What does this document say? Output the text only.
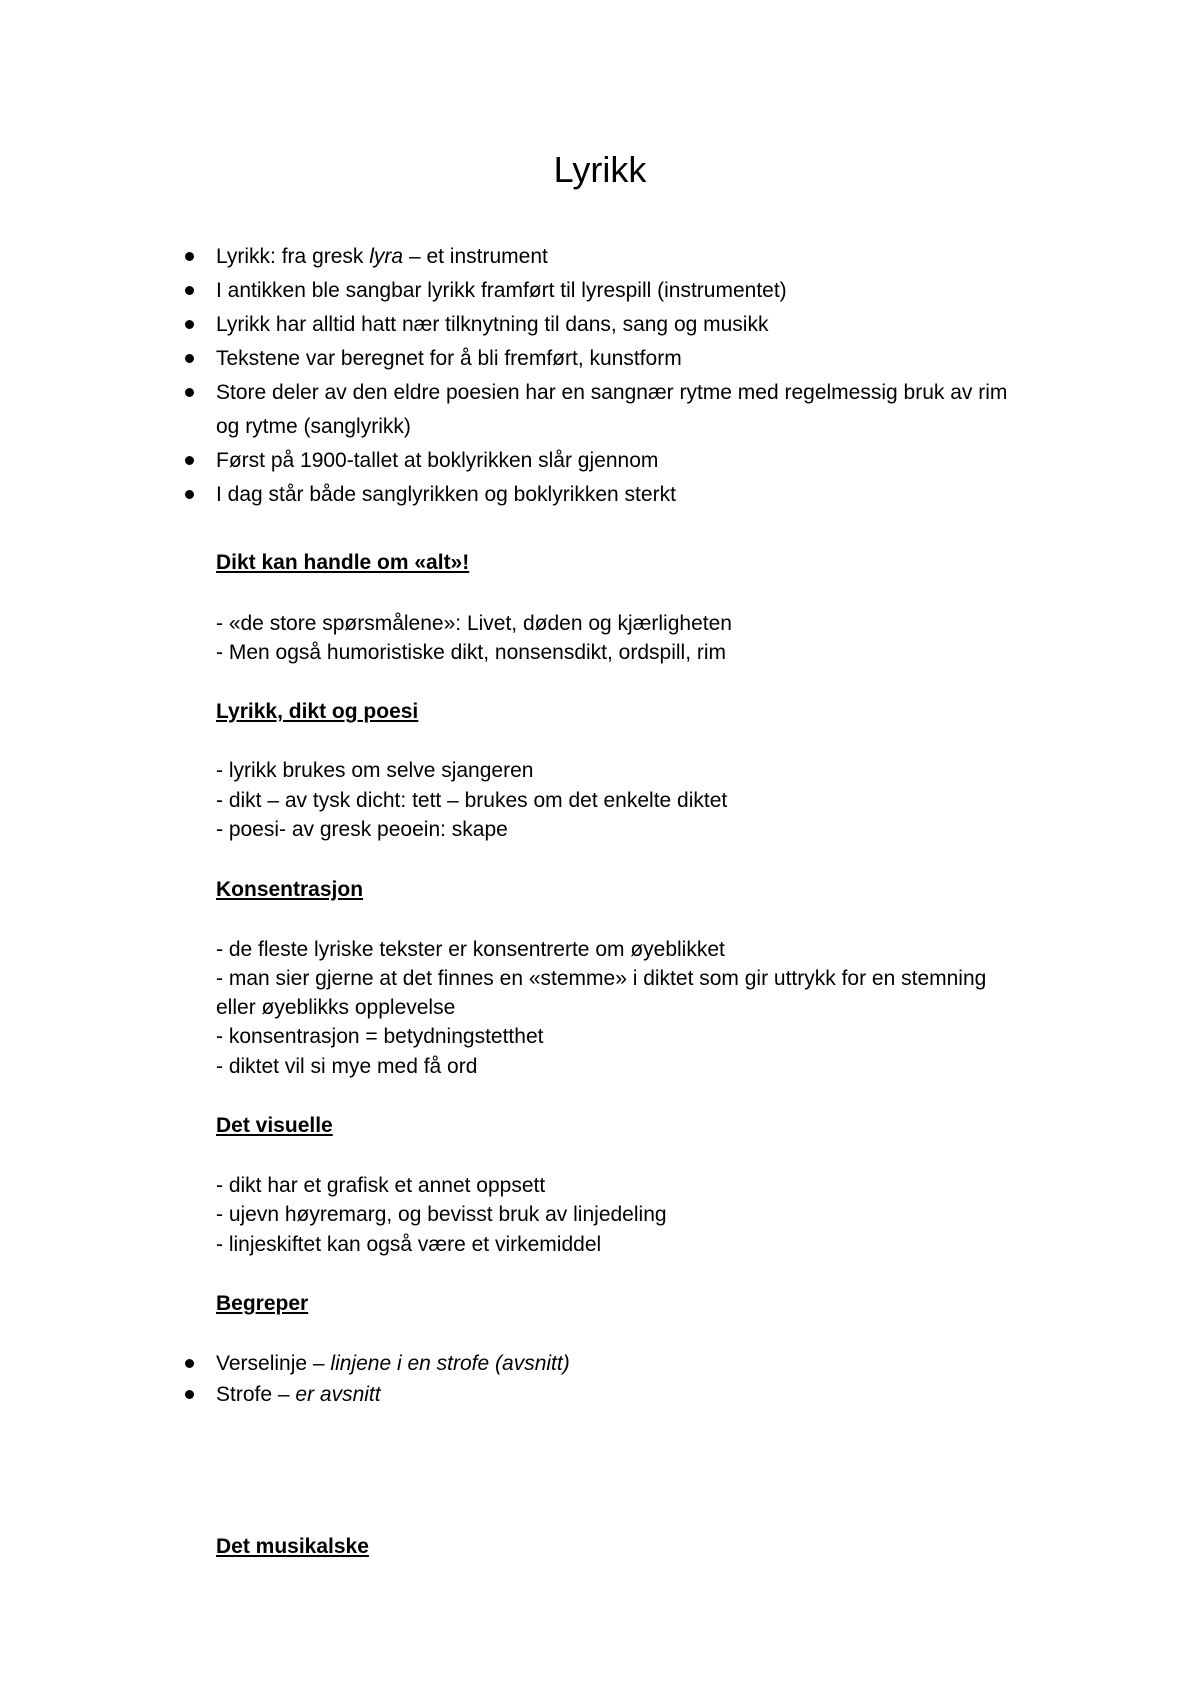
Lyrikk
Lyrikk: fra gresk lyra – et instrument
I antikken ble sangbar lyrikk framført til lyrespill (instrumentet)
Lyrikk har alltid hatt nær tilknytning til dans, sang og musikk
Tekstene var beregnet for å bli fremført, kunstform
Store deler av den eldre poesien har en sangnær rytme med regelmessig bruk av rim
og rytme (sanglyrikk)
Først på 1900-tallet at boklyrikken slår gjennom
I dag står både sanglyrikken og boklyrikken sterkt
Dikt kan handle om «alt»!
- «de store spørsmålene»: Livet, døden og kjærligheten
- Men også humoristiske dikt, nonsensdikt, ordspill, rim
Lyrikk, dikt og poesi
- lyrikk brukes om selve sjangeren
- dikt – av tysk dicht: tett – brukes om det enkelte diktet
- poesi- av gresk peoein: skape
Konsentrasjon
- de fleste lyriske tekster er konsentrerte om øyeblikket
- man sier gjerne at det finnes en «stemme» i diktet som gir uttrykk for en stemning
eller øyeblikks opplevelse
- konsentrasjon = betydningstetthet
- diktet vil si mye med få ord
Det visuelle
- dikt har et grafisk et annet oppsett
- ujevn høyremarg, og bevisst bruk av linjedeling
- linjeskiftet kan også være et virkemiddel
Begreper
Verselinje – linjene i en strofe (avsnitt)
Strofe – er avsnitt
Det musikalske
